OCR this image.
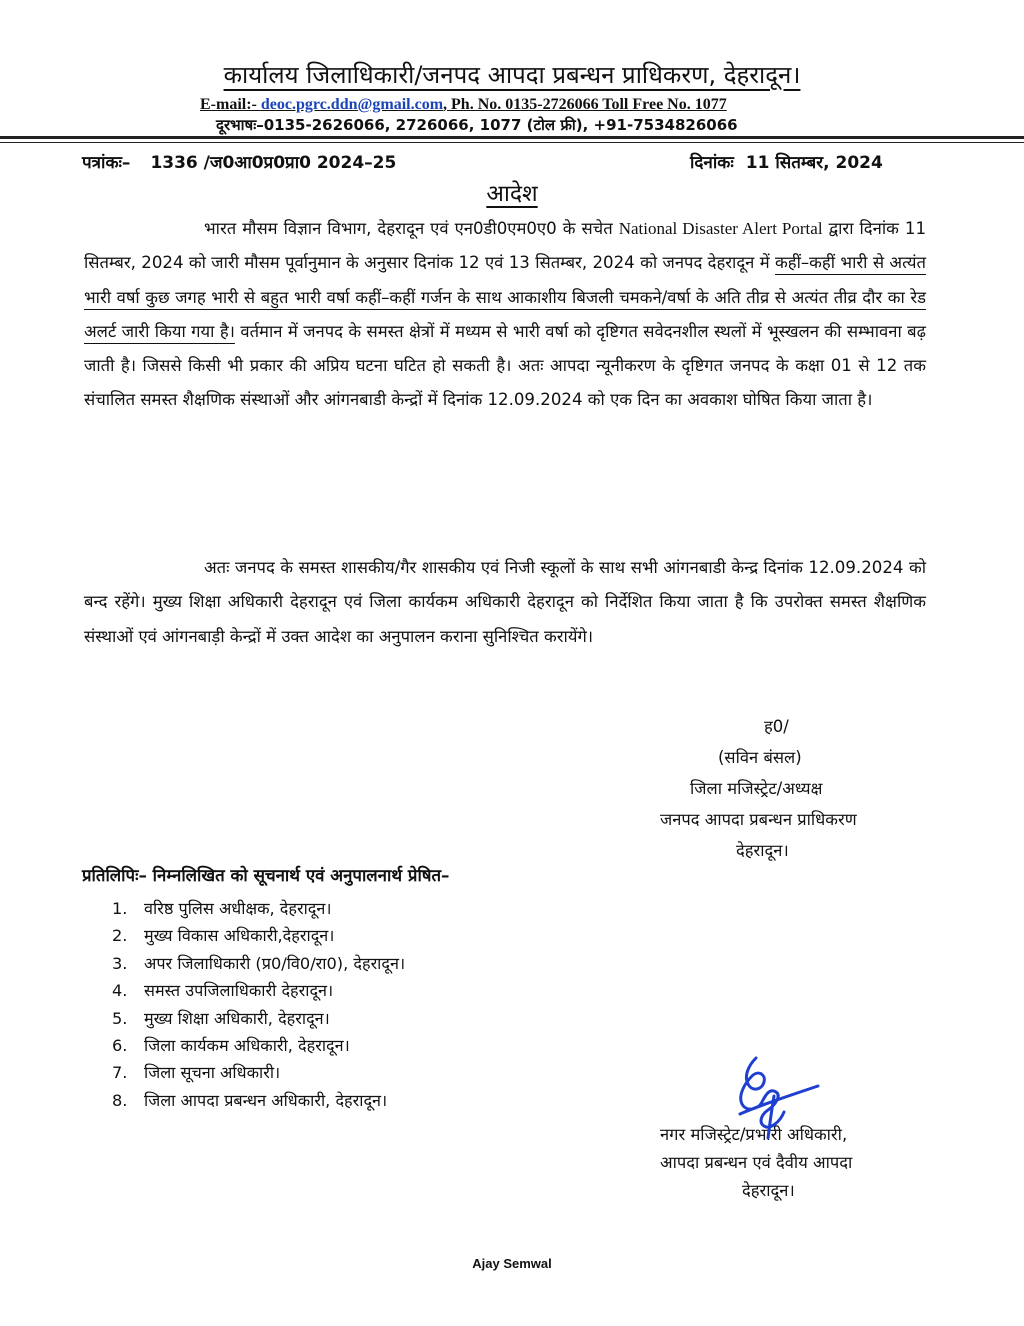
कार्यालय जिलाधिकारी/जनपद आपदा प्रबन्धन प्राधिकरण, देहरादून।
E-mail:- deoc.pgrc.ddn@gmail.com, Ph. No. 0135-2726066 Toll Free No. 1077
दूरभाषः–0135-2626066, 2726066, 1077 (टोल फ्री), +91-7534826066
पत्रांकः– 1336 /ज0आ0प्र0प्रा0 2024–25	दिनांकः 11 सितम्बर, 2024
आदेश

भारत मौसम विज्ञान विभाग, देहरादून एवं एन0डी0एम0ए0 के सचेत National Disaster Alert Portal द्वारा दिनांक 11 सितम्बर, 2024 को जारी मौसम पूर्वानुमान के अनुसार दिनांक 12 एवं 13 सितम्बर, 2024 को जनपद देहरादून में कहीं–कहीं भारी से अत्यंत भारी वर्षा कुछ जगह भारी से बहुत भारी वर्षा कहीं–कहीं गर्जन के साथ आकाशीय बिजली चमकने/वर्षा के अति तीव्र से अत्यंत तीव्र दौर का रेड अलर्ट जारी किया गया है। वर्तमान में जनपद के समस्त क्षेत्रों में मध्यम से भारी वर्षा को दृष्टिगत सवेदनशील स्थलों में भूस्खलन की सम्भावना बढ़ जाती है। जिससे किसी भी प्रकार की अप्रिय घटना घटित हो सकती है। अतः आपदा न्यूनीकरण के दृष्टिगत जनपद के कक्षा 01 से 12 तक संचालित समस्त शैक्षणिक संस्थाओं और आंगनबाडी केन्द्रों में दिनांक 12.09.2024 को एक दिन का अवकाश घोषित किया जाता है।

अतः जनपद के समस्त शासकीय/गैर शासकीय एवं निजी स्कूलों के साथ सभी आंगनबाडी केन्द्र दिनांक 12.09.2024 को बन्द रहेंगे। मुख्य शिक्षा अधिकारी देहरादून एवं जिला कार्यकम अधिकारी देहरादून को निर्देशित किया जाता है कि उपरोक्त समस्त शैक्षणिक संस्थाओं एवं आंगनबाड़ी केन्द्रों में उक्त आदेश का अनुपालन कराना सुनिश्चित करायेंगे।

ह0/
(सविन बंसल)
जिला मजिस्ट्रेट/अध्यक्ष
जनपद आपदा प्रबन्धन प्राधिकरण
देहरादून।
प्रतिलिपिः– निम्नलिखित को सूचनार्थ एवं अनुपालनार्थ प्रेषित–
1. वरिष्ठ पुलिस अधीक्षक, देहरादून।
2. मुख्य विकास अधिकारी,देहरादून।
3. अपर जिलाधिकारी (प्र0/वि0/रा0), देहरादून।
4. समस्त उपजिलाधिकारी देहरादून।
5. मुख्य शिक्षा अधिकारी, देहरादून।
6. जिला कार्यकम अधिकारी, देहरादून।
7. जिला सूचना अधिकारी।
8. जिला आपदा प्रबन्धन अधिकारी, देहरादून।
नगर मजिस्ट्रेट/प्रभारी अधिकारी,
आपदा प्रबन्धन एवं दैवीय आपदा
देहरादून।
Ajay Semwal
